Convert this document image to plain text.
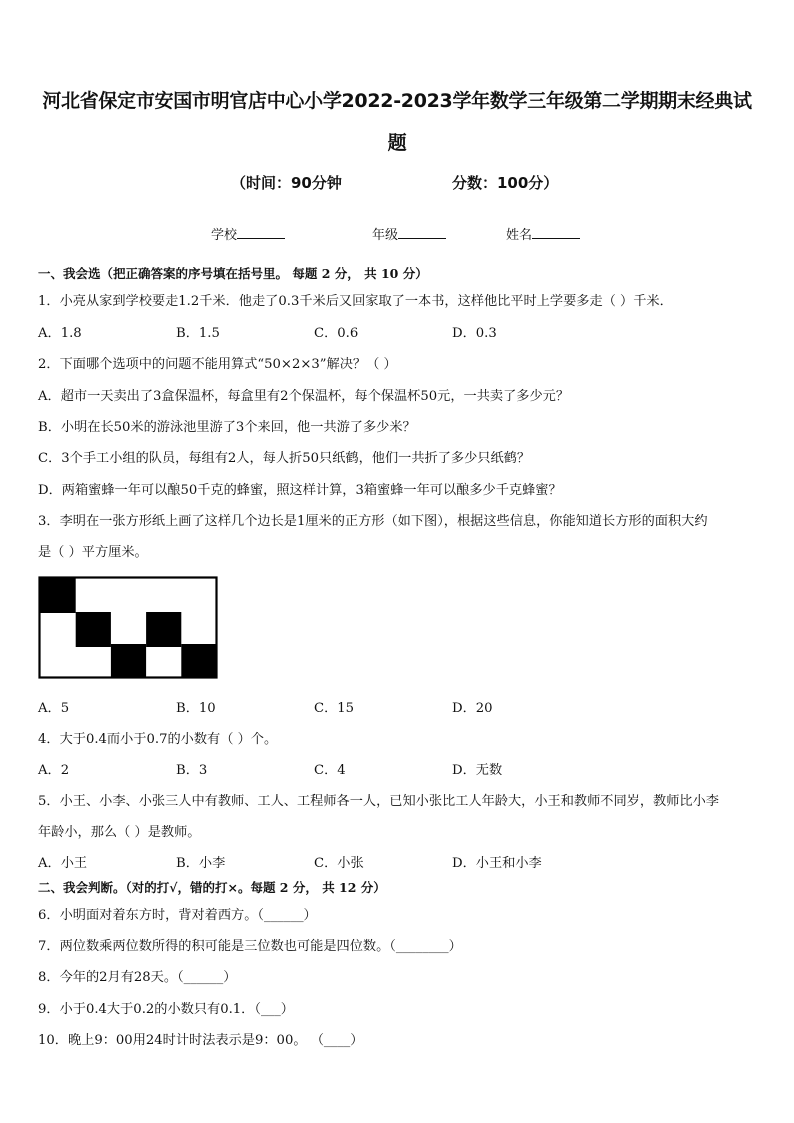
河北省保定市安国市明官店中心小学2022-2023学年数学三年级第二学期期末经典试
题
（时间：90分钟	分数：100分）
学校	年级	姓名
一、我会选（把正确答案的序号填在括号里。 每题 2 分， 共 10 分）
1．小亮从家到学校要走1.2千米．他走了0.3千米后又回家取了一本书，这样他比平时上学要多走（ ）千米．
A．1.8	B．1.5	C．0.6	D．0.3
2．下面哪个选项中的问题不能用算式“50×2×3”解决？（ ）
A．超市一天卖出了3盒保温杯，每盒里有2个保温杯，每个保温杯50元，一共卖了多少元？
B．小明在长50米的游泳池里游了3个来回，他一共游了多少米？
C．3个手工小组的队员，每组有2人，每人折50只纸鹤，他们一共折了多少只纸鹤？
D．两箱蜜蜂一年可以酿50千克的蜂蜜，照这样计算，3箱蜜蜂一年可以酿多少千克蜂蜜？
3．李明在一张方形纸上画了这样几个边长是1厘米的正方形（如下图），根据这些信息，你能知道长方形的面积大约
是（ ）平方厘米。
A．5	B．10	C．15	D．20
4．大于0.4而小于0.7的小数有（ ）个。
A．2	B．3	C．4	D．无数
5．小王、小李、小张三人中有教师、工人、工程师各一人，已知小张比工人年龄大，小王和教师不同岁，教师比小李
年龄小，那么（ ）是教师。
A．小王	B．小李	C．小张	D．小王和小李
二、我会判断。（对的打√，错的打×。每题 2 分， 共 12 分）
6．小明面对着东方时，背对着西方。（______）
7．两位数乘两位数所得的积可能是三位数也可能是四位数。（________）
8．今年的2月有28天。（______）
9．小于0.4大于0.2的小数只有0.1．（___）
10．晚上9：00用24时计时法表示是9：00。 （____）
